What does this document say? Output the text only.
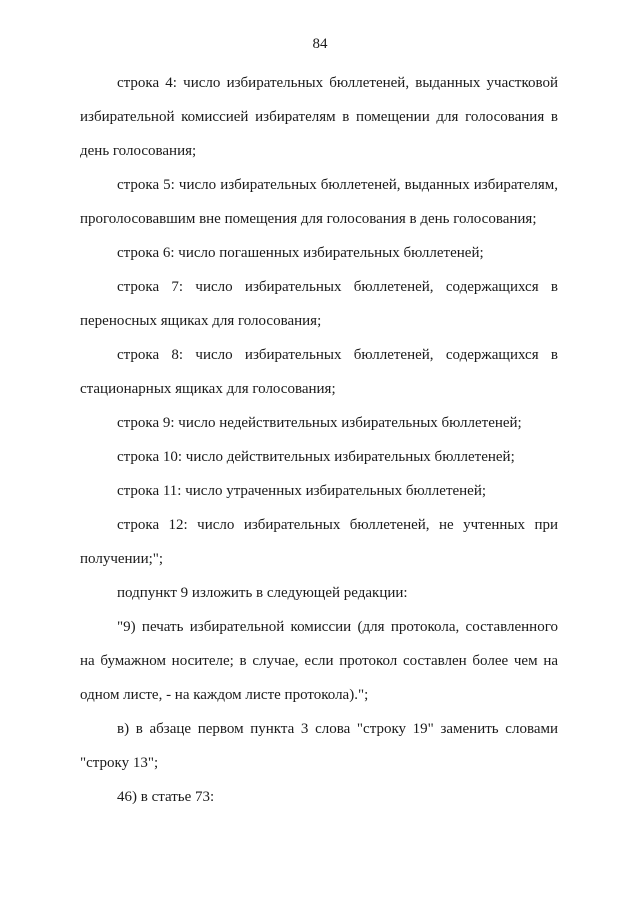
84

строка 4: число избирательных бюллетеней, выданных участковой избирательной комиссией избирателям в помещении для голосования в день голосования;

строка 5: число избирательных бюллетеней, выданных избирателям, проголосовавшим вне помещения для голосования в день голосования;

строка 6: число погашенных избирательных бюллетеней;

строка 7: число избирательных бюллетеней, содержащихся в переносных ящиках для голосования;

строка 8: число избирательных бюллетеней, содержащихся в стационарных ящиках для голосования;

строка 9: число недействительных избирательных бюллетеней;

строка 10: число действительных избирательных бюллетеней;

строка 11: число утраченных избирательных бюллетеней;

строка 12: число избирательных бюллетеней, не учтенных при получении;";

подпункт 9 изложить в следующей редакции:

"9) печать избирательной комиссии (для протокола, составленного на бумажном носителе; в случае, если протокол составлен более чем на одном листе, - на каждом листе протокола).";

в) в абзаце первом пункта 3 слова "строку 19" заменить словами "строку 13";

46) в статье 73:
